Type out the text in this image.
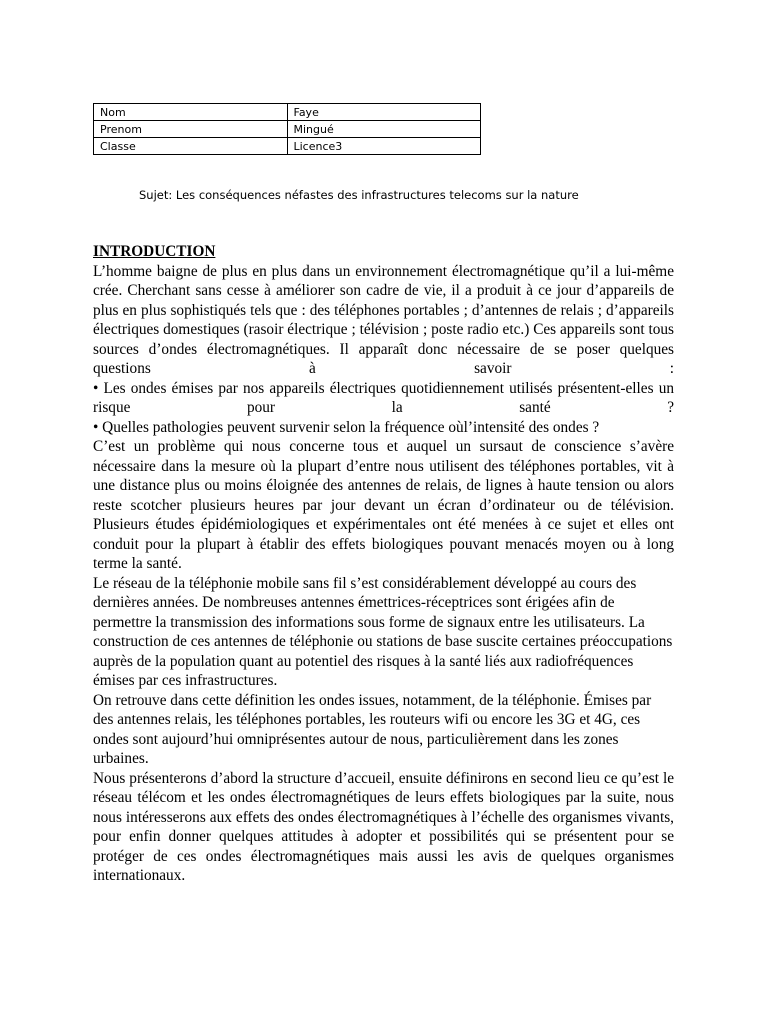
Nom	Faye
Prenom	Mingué
Classe	Licence3
Sujet: Les conséquences néfastes des infrastructures telecoms sur la nature

INTRODUCTION

L’homme baigne de plus en plus dans un environnement électromagnétique qu’il a lui-même crée. Cherchant sans cesse à améliorer son cadre de vie, il a produit à ce jour d’appareils de plus en plus sophistiqués tels que : des téléphones portables ; d’antennes de relais ; d’appareils électriques domestiques (rasoir électrique ; télévision ; poste radio etc.) Ces appareils sont tous sources d’ondes électromagnétiques. Il apparaît donc nécessaire de se poser quelques questions à savoir :

• Les ondes émises par nos appareils électriques quotidiennement utilisés présentent-elles un risque pour la santé ?

• Quelles pathologies peuvent survenir selon la fréquence oùl’intensité des ondes ?

C’est un problème qui nous concerne tous et auquel un sursaut de conscience s’avère nécessaire dans la mesure où la plupart d’entre nous utilisent des téléphones portables, vit à une distance plus ou moins éloignée des antennes de relais, de lignes à haute tension ou alors reste scotcher plusieurs heures par jour devant un écran d’ordinateur ou de télévision.

Plusieurs études épidémiologiques et expérimentales ont été menées à ce sujet et elles ont conduit pour la plupart à établir des effets biologiques pouvant menacés moyen ou à long terme la santé.

Le réseau de la téléphonie mobile sans fil s’est considérablement développé au cours des dernières années. De nombreuses antennes émettrices-réceptrices sont érigées afin de permettre la transmission des informations sous forme de signaux entre les utilisateurs. La construction de ces antennes de téléphonie ou stations de base suscite certaines préoccupations auprès de la population quant au potentiel des risques à la santé liés aux radiofréquences émises par ces infrastructures.

On retrouve dans cette définition les ondes issues, notamment, de la téléphonie. Émises par des antennes relais, les téléphones portables, les routeurs wifi ou encore les 3G et 4G, ces ondes sont aujourd’hui omniprésentes autour de nous, particulièrement dans les zones urbaines.

Nous présenterons d’abord la structure d’accueil, ensuite définirons en second lieu ce qu’est le réseau télécom et les ondes électromagnétiques de leurs effets biologiques par la suite, nous nous intéresserons aux effets des ondes électromagnétiques à l’échelle des organismes vivants, pour enfin donner quelques attitudes à adopter et possibilités qui se présentent pour se protéger de ces ondes électromagnétiques mais aussi les avis de quelques organismes internationaux.
